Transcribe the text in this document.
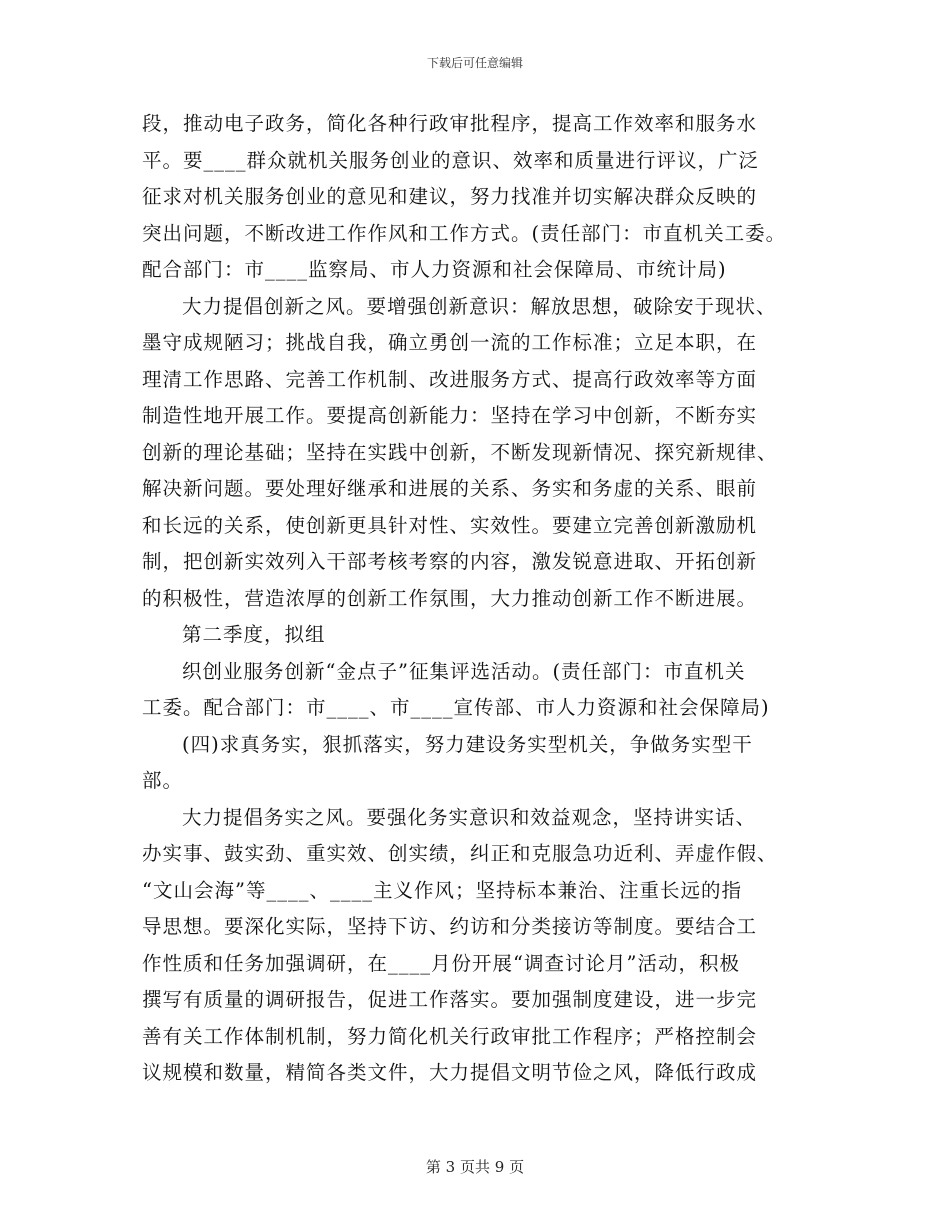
下载后可任意编辑
段，推动电子政务，简化各种行政审批程序，提高工作效率和服务水
平。要____群众就机关服务创业的意识、效率和质量进行评议，广泛
征求对机关服务创业的意见和建议，努力找准并切实解决群众反映的
突出问题，不断改进工作作风和工作方式。(责任部门：市直机关工委。
配合部门：市____监察局、市人力资源和社会保障局、市统计局)
大力提倡创新之风。要增强创新意识：解放思想，破除安于现状、
墨守成规陋习；挑战自我，确立勇创一流的工作标准；立足本职，在
理清工作思路、完善工作机制、改进服务方式、提高行政效率等方面
制造性地开展工作。要提高创新能力：坚持在学习中创新，不断夯实
创新的理论基础；坚持在实践中创新，不断发现新情况、探究新规律、
解决新问题。要处理好继承和进展的关系、务实和务虚的关系、眼前
和长远的关系，使创新更具针对性、实效性。要建立完善创新激励机
制，把创新实效列入干部考核考察的内容，激发锐意进取、开拓创新
的积极性，营造浓厚的创新工作氛围，大力推动创新工作不断进展。
第二季度，拟组
织创业服务创新“金点子”征集评选活动。(责任部门：市直机关
工委。配合部门：市____、市____宣传部、市人力资源和社会保障局)
(四)求真务实，狠抓落实，努力建设务实型机关，争做务实型干
部。
大力提倡务实之风。要强化务实意识和效益观念，坚持讲实话、
办实事、鼓实劲、重实效、创实绩，纠正和克服急功近利、弄虚作假、
“文山会海”等____、____主义作风；坚持标本兼治、注重长远的指
导思想。要深化实际，坚持下访、约访和分类接访等制度。要结合工
作性质和任务加强调研，在____月份开展“调查讨论月”活动，积极
撰写有质量的调研报告，促进工作落实。要加强制度建设，进一步完
善有关工作体制机制，努力简化机关行政审批工作程序；严格控制会
议规模和数量，精简各类文件，大力提倡文明节俭之风，降低行政成
第 3 页共 9 页
